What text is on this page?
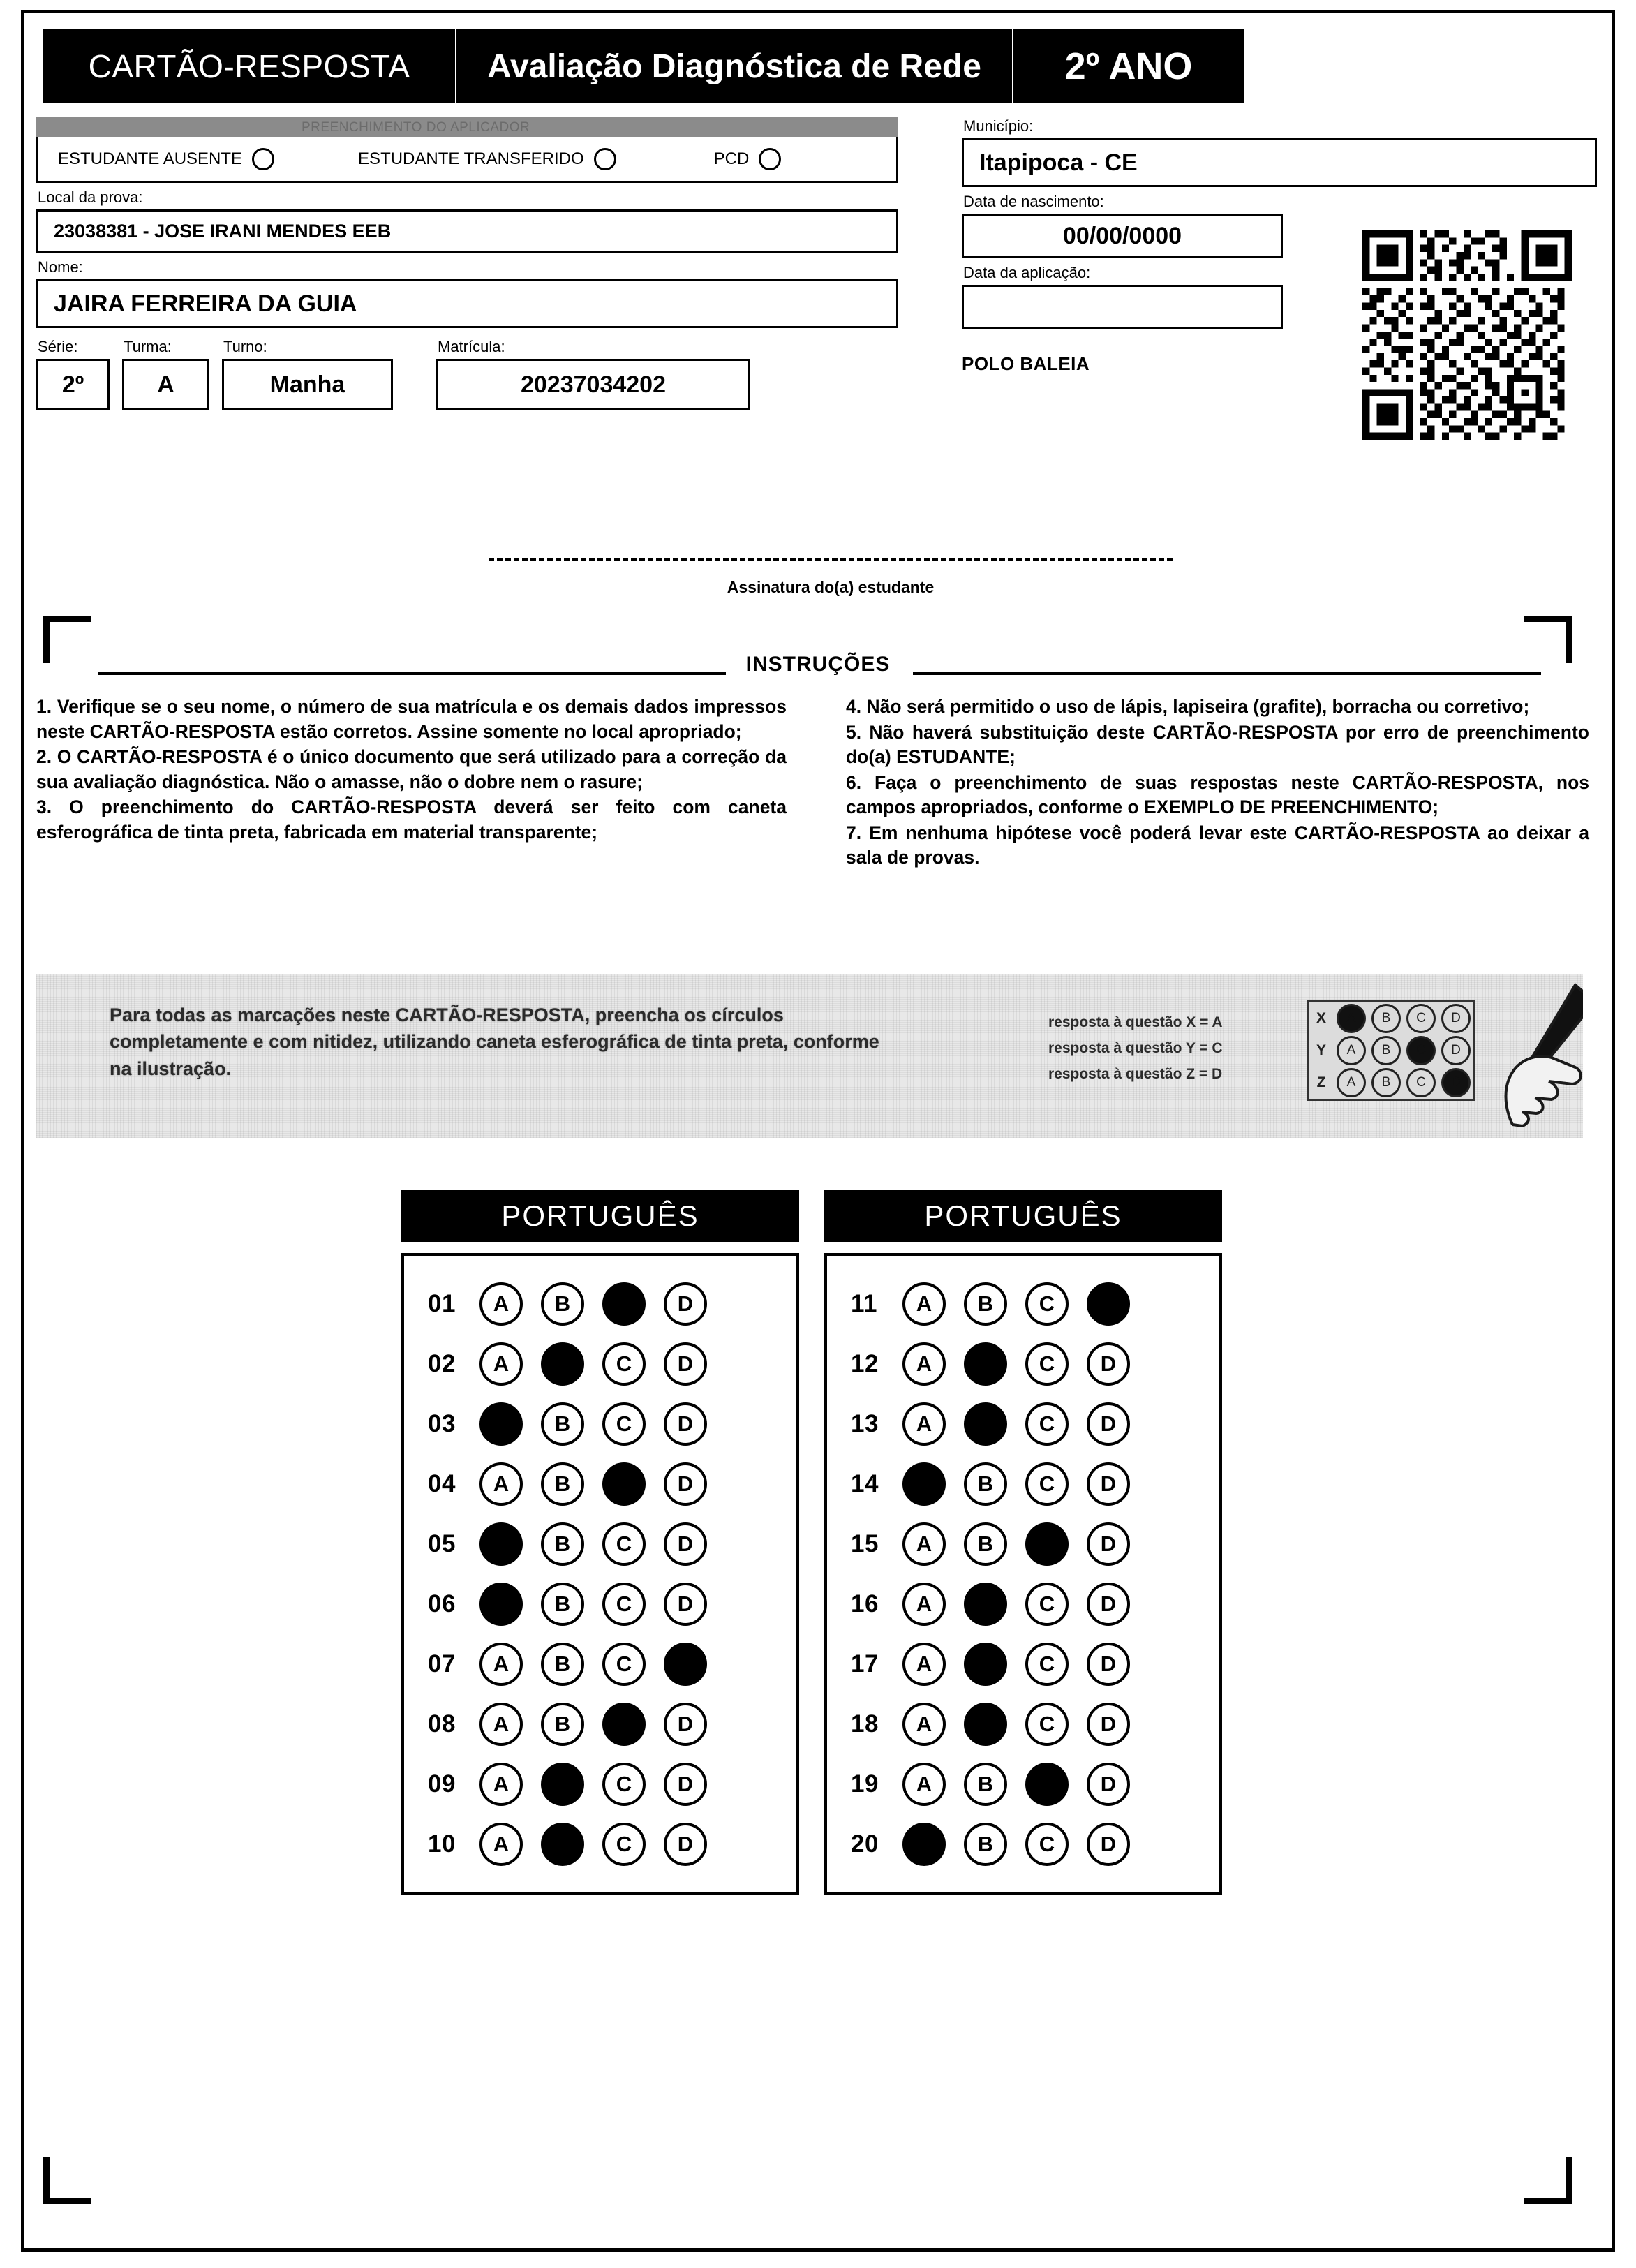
CARTÃO-RESPOSTA	Avaliação Diagnóstica de Rede	2º ANO
PREENCHIMENTO DO APLICADOR
ESTUDANTE AUSENTE	ESTUDANTE TRANSFERIDO	PCD
Local da prova:
23038381 - JOSE IRANI MENDES EEB
Nome:
JAIRA FERREIRA DA GUIA
Série:
2º
Turma:
A
Turno:
Manha
Matrícula:
20237034202
Município:
Itapipoca - CE
Data de nascimento:
00/00/0000
Data da aplicação:
POLO BALEIA
Assinatura do(a) estudante
INSTRUÇÕES

1. Verifique se o seu nome, o número de sua matrícula e os demais dados impressos neste CARTÃO-RESPOSTA estão corretos. Assine somente no local apropriado;

2. O CARTÃO-RESPOSTA é o único documento que será utilizado para a correção da sua avaliação diagnóstica. Não o amasse, não o dobre nem o rasure;

3. O preenchimento do CARTÃO-RESPOSTA deverá ser feito com caneta esferográfica de tinta preta, fabricada em material transparente;

4. Não será permitido o uso de lápis, lapiseira (grafite), borracha ou corretivo;

5. Não haverá substituição deste CARTÃO-RESPOSTA por erro de preenchimento do(a) ESTUDANTE;

6. Faça o preenchimento de suas respostas neste CARTÃO-RESPOSTA, nos campos apropriados, conforme o EXEMPLO DE PREENCHIMENTO;

7. Em nenhuma hipótese você poderá levar este CARTÃO-RESPOSTA ao deixar a sala de provas.

Para todas as marcações neste CARTÃO-RESPOSTA, preencha os círculos completamente e com nitidez, utilizando caneta esferográfica de tinta preta, conforme na ilustração.
resposta à questão X = A
resposta à questão Y = C
resposta à questão Z = D
X	A	B	C	D
Y	A	B	C	D
Z	A	B	C	D
PORTUGUÊS
01	A	B	C	D
02	A	B	C	D
03	A	B	C	D
04	A	B	C	D
05	A	B	C	D
06	A	B	C	D
07	A	B	C	D
08	A	B	C	D
09	A	B	C	D
10	A	B	C	D
PORTUGUÊS
11	A	B	C	D
12	A	B	C	D
13	A	B	C	D
14	A	B	C	D
15	A	B	C	D
16	A	B	C	D
17	A	B	C	D
18	A	B	C	D
19	A	B	C	D
20	A	B	C	D
